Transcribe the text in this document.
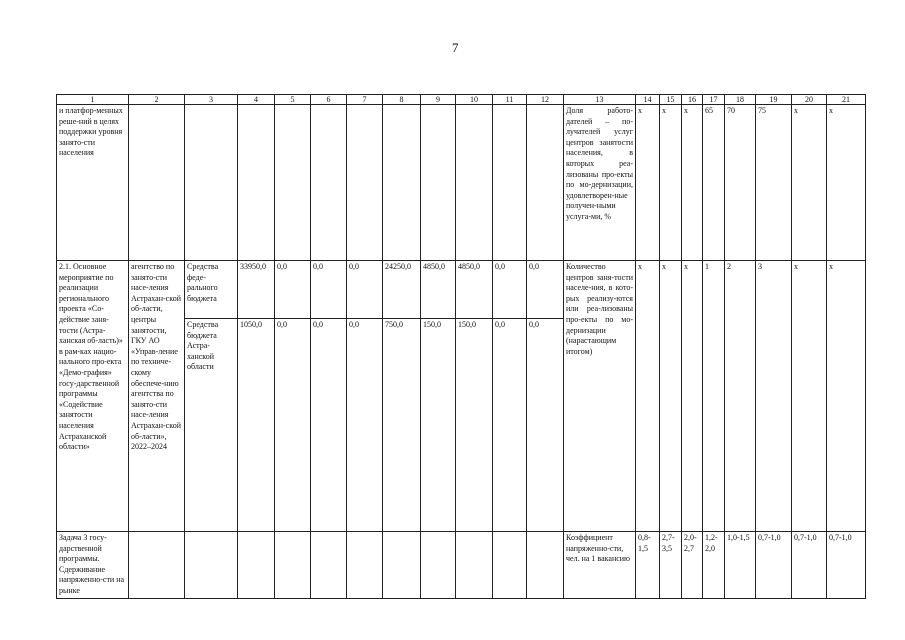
7
1	2	3	4	5	6	7	8	9	10	11	12	13	14	15	16	17	18	19	20	21
и платфор-менных реше-ний в целях поддержки уровня занято-сти населения												Доля работо-дателей – по-лучателей услуг центров занятости населения, в которых реа-лизованы про-екты по мо-дернизации, удовлетворен-ные получен-ными услуга-ми, %	x	x	x	65	70	75	x	x
2.1. Основное мероприятие по реализации регионального проекта «Со-действие заня-тости (Астра-ханская об-ласть)» в рам-ках нацио-нального про-екта «Демо-графия» госу-дарственной программы «Содействие занятости населения Астраханской области»	агентство по занято-сти насе-ления Астрахан-ской об-ласти, центры занятости, ГКУ АО «Управ-ление по техниче-скому обеспече-нию агентства по занято-сти насе-ления Астрахан-ской об-ласти», 2022–2024	Средства феде-рального бюджета	33950,0	0,0	0,0	0,0	24250,0	4850,0	4850,0	0,0	0,0	Количество центров заня-тости населе-ния, в кото-рых реализу-ются или реа-лизованы про-екты по мо-дернизации (нарастающим итогом)	x	x	x	1	2	3	x	x
		Средства бюджета Астра-ханской области	1050,0	0,0	0,0	0,0	750,0	150,0	150,0	0,0	0,0									
Задача 3 госу-дарственной программы. Сдерживание напряженно-сти на рынке												Коэффициент напряженно-сти, чел. на 1 вакансию	0,8-1,5	2,7-3,5	2,0-2,7	1,2-2,0	1,0-1,5	0,7-1,0	0,7-1,0	0,7-1,0
